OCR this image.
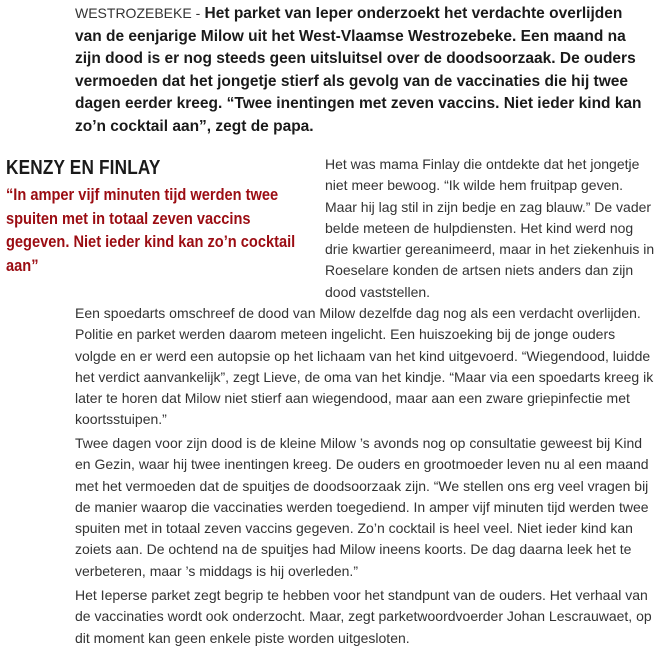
WESTROZEBEKE - Het parket van Ieper onderzoekt het verdachte overlijden van de eenjarige Milow uit het West-Vlaamse Westrozebeke. Een maand na zijn dood is er nog steeds geen uitsluitsel over de doodsoorzaak. De ouders vermoeden dat het jongetje stierf als gevolg van de vaccinaties die hij twee dagen eerder kreeg. “Twee inentingen met zeven vaccins. Niet ieder kind kan zo’n cocktail aan”, zegt de papa.

KENZY EN FINLAY
“In amper vijf minuten tijd werden twee spuiten met in totaal zeven vaccins gegeven. Niet ieder kind kan zo’n cocktail aan”

Het was mama Finlay die ontdekte dat het jongetje niet meer bewoog. “Ik wilde hem fruitpap geven. Maar hij lag stil in zijn bedje en zag blauw.” De vader belde meteen de hulpdiensten. Het kind werd nog drie kwartier gereanimeerd, maar in het ziekenhuis in Roeselare konden de artsen niets anders dan zijn dood vaststellen.

Een spoedarts omschreef de dood van Milow dezelfde dag nog als een verdacht overlijden. Politie en parket werden daarom meteen ingelicht. Een huiszoeking bij de jonge ouders volgde en er werd een autopsie op het lichaam van het kind uitgevoerd. “Wiegendood, luidde het verdict aanvankelijk”, zegt Lieve, de oma van het kindje. “Maar via een spoedarts kreeg ik later te horen dat Milow niet stierf aan wiegendood, maar aan een zware griepinfectie met koortsstuipen.”

Twee dagen voor zijn dood is de kleine Milow ’s avonds nog op consultatie geweest bij Kind en Gezin, waar hij twee inentingen kreeg. De ouders en grootmoeder leven nu al een maand met het vermoeden dat de spuitjes de doodsoorzaak zijn. “We stellen ons erg veel vragen bij de manier waarop die vaccinaties werden toegediend. In amper vijf minuten tijd werden twee spuiten met in totaal zeven vaccins gegeven. Zo’n cocktail is heel veel. Niet ieder kind kan zoiets aan. De ochtend na de spuitjes had Milow ineens koorts. De dag daarna leek het te verbeteren, maar ’s middags is hij overleden.”

Het Ieperse parket zegt begrip te hebben voor het standpunt van de ouders. Het verhaal van de vaccinaties wordt ook onderzocht. Maar, zegt parketwoordvoerder Johan Lescrauwaet, op dit moment kan geen enkele piste worden uitgesloten.
